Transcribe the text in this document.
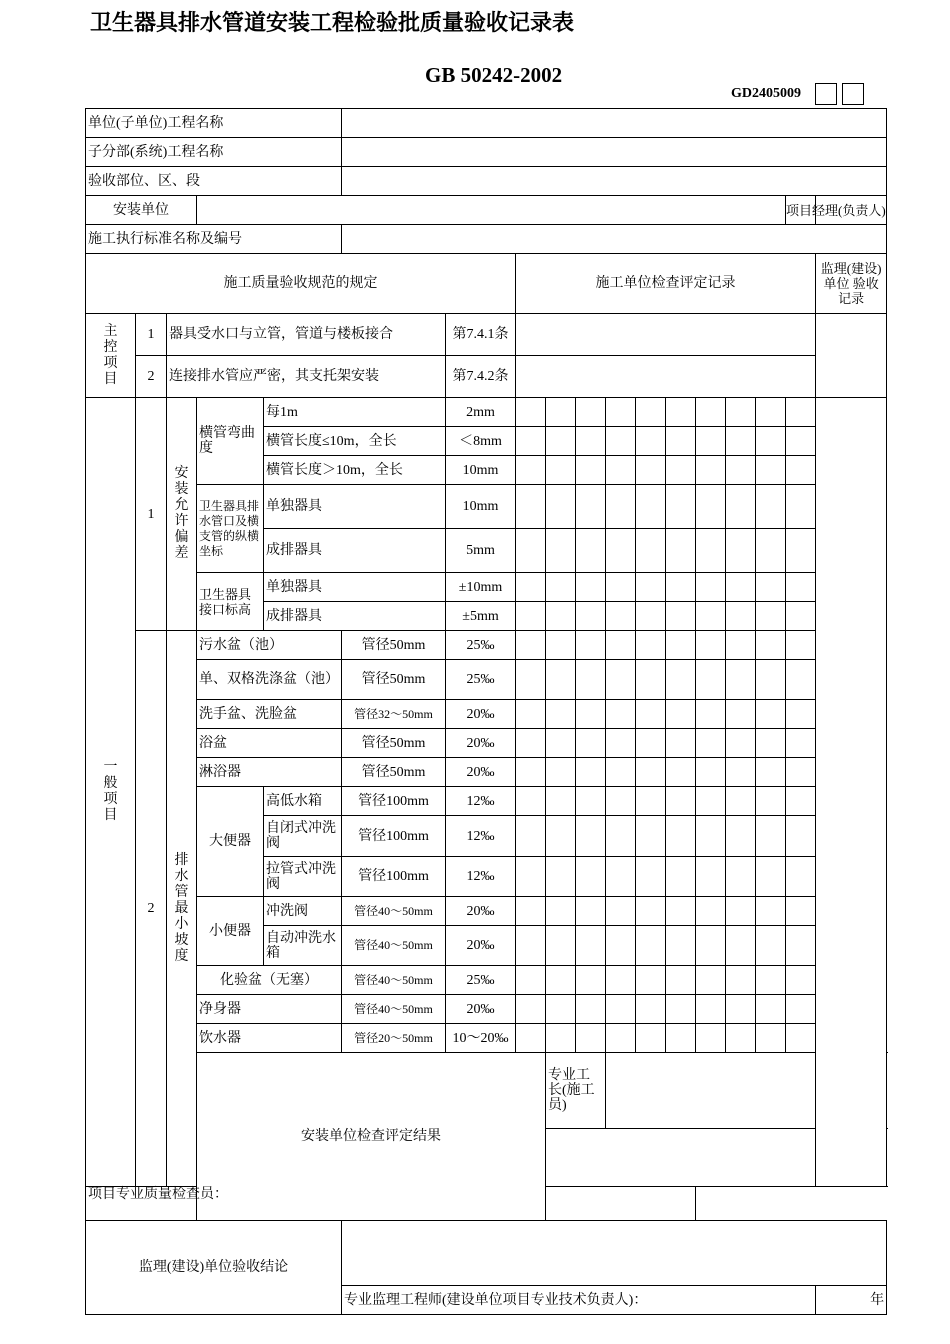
卫生器具排水管道安装工程检验批质量验收记录表
GB 50242-2002
GD2405009
单位(子单位)工程名称																		
子分部(系统)工程名称																		
验收部位、区、段																		
安装单位																项目经理(负责人)		
施工执行标准名称及编号																		
施工质量验收规范的规定							施工单位检查评定记录										监理(建设)单位 验收记录	

主控项目	1	器具受水口与立管，管道与楼板接合				第7.4.1条												
	2	连接排水管应严密，其支托架安装				第7.4.2条												

一般项目	1	安装允许偏差	横管弯曲度	每1m		2mm												
				横管长度≤10m，全长		＜8mm												
				横管长度＞10m，全长		10mm												
			卫生器具排水管口及横支管的纵横坐标	单独器具		10mm												
				成排器具		5mm												
			卫生器具接口标高	单独器具		±10mm												
				成排器具		±5mm												
	2	排水管最小坡度	污水盆（池）		管径50mm	25‰												
			单、双格洗涤盆（池）		管径50mm	25‰												
			洗手盆、洗脸盆		管径32～50mm	20‰												
			浴盆		管径50mm	20‰												
			淋浴器		管径50mm	20‰												
			大便器	高低水箱	管径100mm	12‰												
				自闭式冲洗阀	管径100mm	12‰												
				拉管式冲洗阀	管径100mm	12‰												
			小便器	冲洗阀	管径40～50mm	20‰												
				自动冲洗水箱	管径40～50mm	20‰												
			化验盆（无塞）		管径40～50mm	25‰												
			净身器		管径40～50mm	20‰												
			饮水器		管径20～50mm	10～20‰												
			安装单位检查评定结果					专业工长(施工员)			

项目专业质量检查员：																		
监理(建设)单位验收结论																		
					专业监理工程师(建设单位项目专业技术负责人)：												年	
